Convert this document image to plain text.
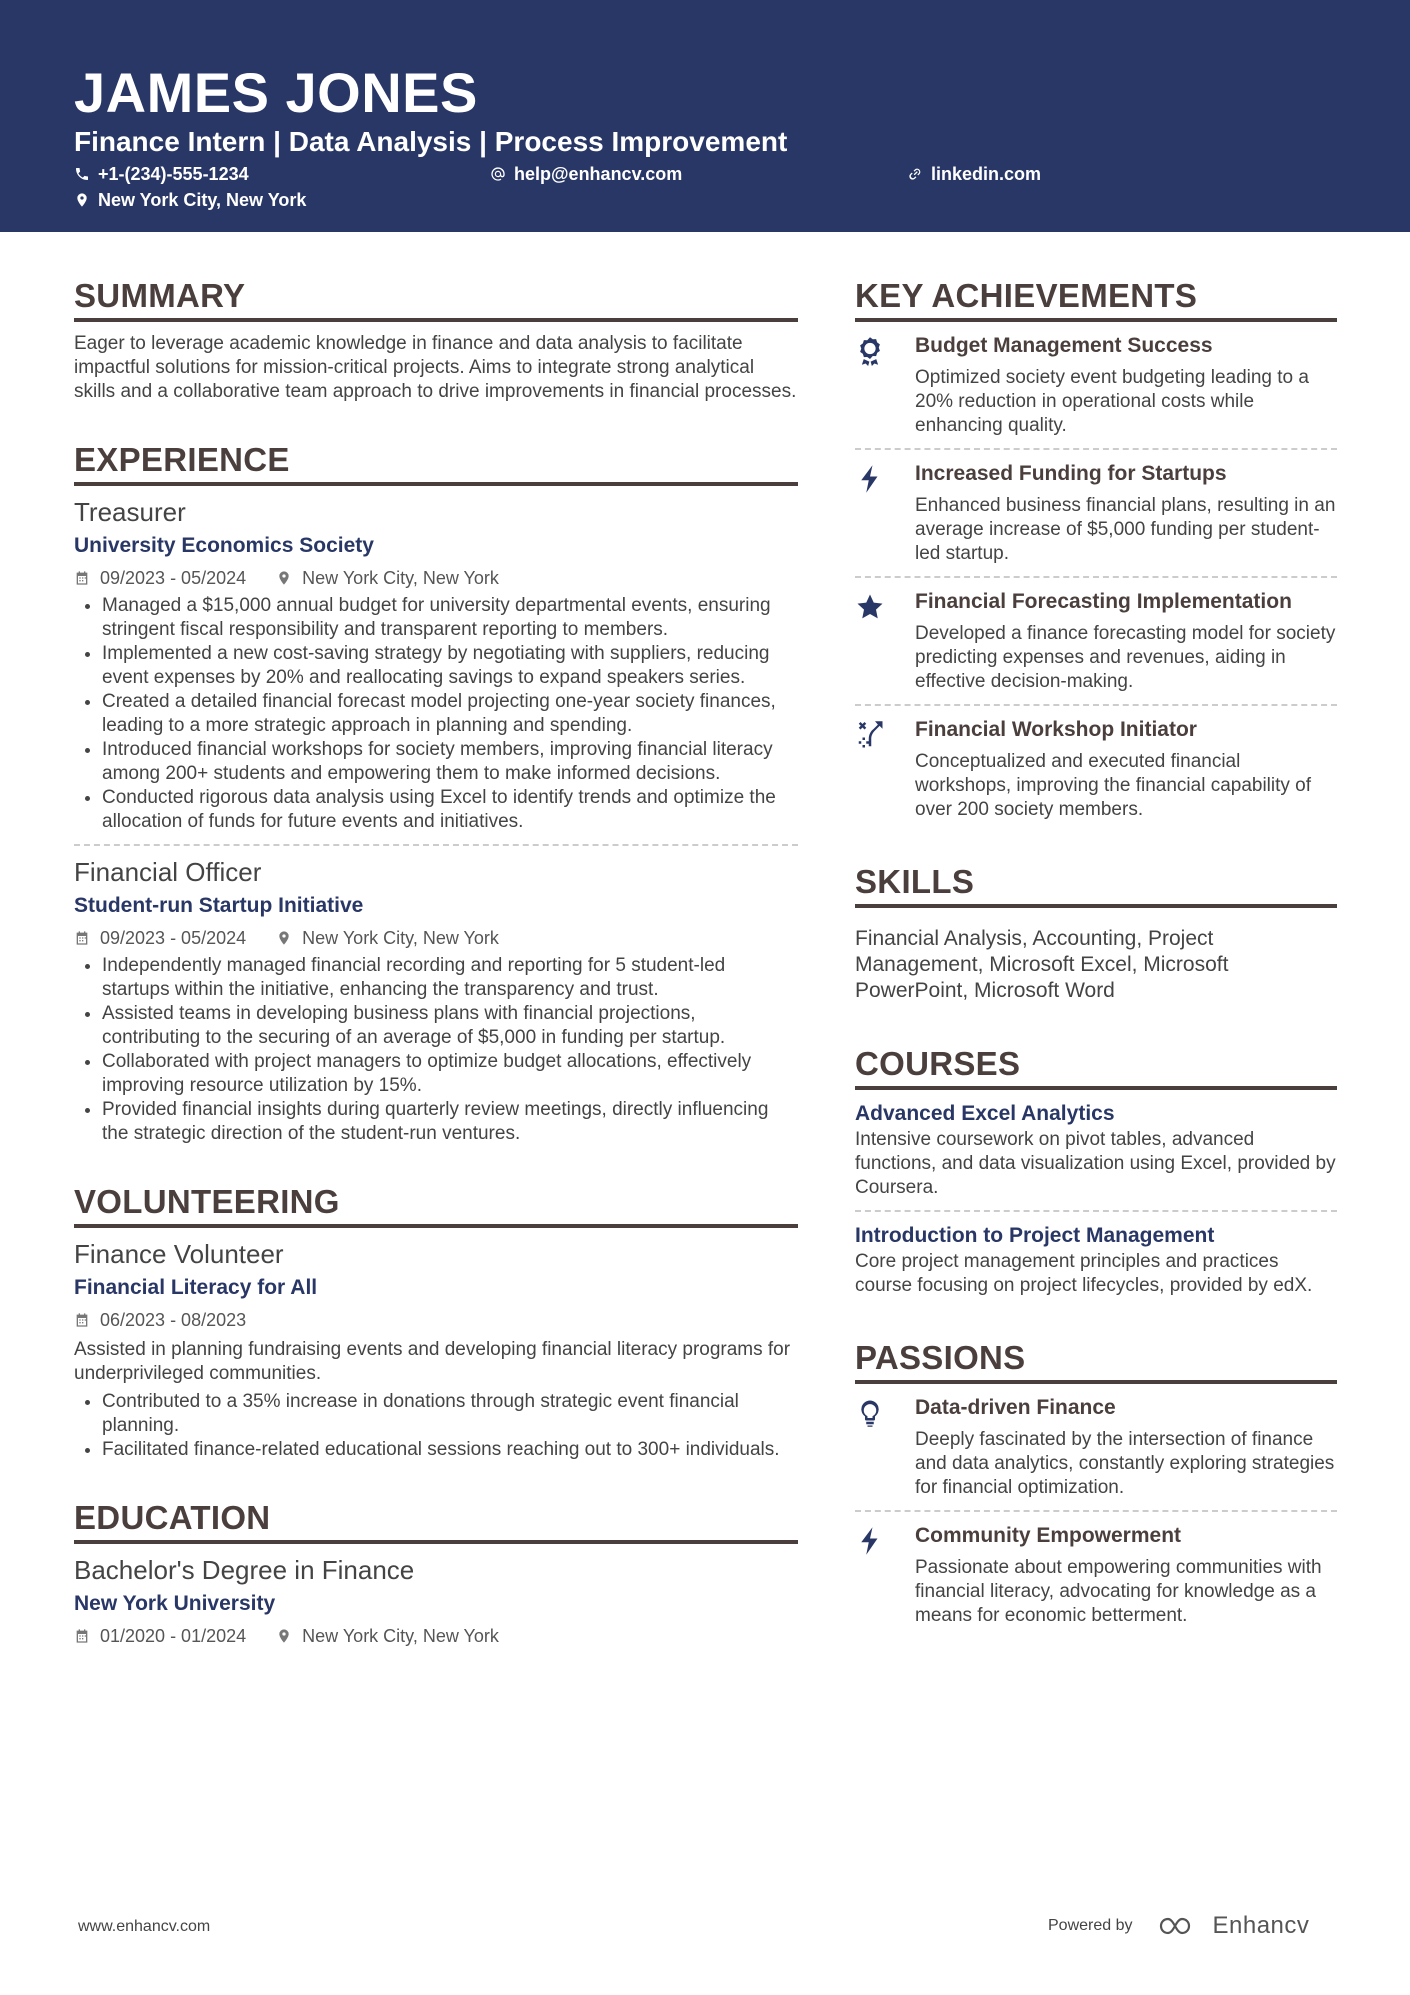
JAMES JONES
Finance Intern | Data Analysis | Process Improvement
+1-(234)-555-1234	help@enhancv.com	linkedin.com
New York City, New York
SUMMARY
Eager to leverage academic knowledge in finance and data analysis to facilitate impactful solutions for mission-critical projects. Aims to integrate strong analytical skills and a collaborative team approach to drive improvements in financial processes.
EXPERIENCE
Treasurer
University Economics Society
09/2023 - 05/2024	New York City, New York
• Managed a $15,000 annual budget for university departmental events, ensuring stringent fiscal responsibility and transparent reporting to members.
• Implemented a new cost-saving strategy by negotiating with suppliers, reducing event expenses by 20% and reallocating savings to expand speakers series.
• Created a detailed financial forecast model projecting one-year society finances, leading to a more strategic approach in planning and spending.
• Introduced financial workshops for society members, improving financial literacy among 200+ students and empowering them to make informed decisions.
• Conducted rigorous data analysis using Excel to identify trends and optimize the allocation of funds for future events and initiatives.
Financial Officer
Student-run Startup Initiative
09/2023 - 05/2024	New York City, New York
• Independently managed financial recording and reporting for 5 student-led startups within the initiative, enhancing the transparency and trust.
• Assisted teams in developing business plans with financial projections, contributing to the securing of an average of $5,000 in funding per startup.
• Collaborated with project managers to optimize budget allocations, effectively improving resource utilization by 15%.
• Provided financial insights during quarterly review meetings, directly influencing the strategic direction of the student-run ventures.
VOLUNTEERING
Finance Volunteer
Financial Literacy for All
06/2023 - 08/2023
Assisted in planning fundraising events and developing financial literacy programs for underprivileged communities.
• Contributed to a 35% increase in donations through strategic event financial planning.
• Facilitated finance-related educational sessions reaching out to 300+ individuals.
EDUCATION
Bachelor's Degree in Finance
New York University
01/2020 - 01/2024	New York City, New York
KEY ACHIEVEMENTS
Budget Management Success
Optimized society event budgeting leading to a 20% reduction in operational costs while enhancing quality.
Increased Funding for Startups
Enhanced business financial plans, resulting in an average increase of $5,000 funding per student-led startup.
Financial Forecasting Implementation
Developed a finance forecasting model for society predicting expenses and revenues, aiding in effective decision-making.
Financial Workshop Initiator
Conceptualized and executed financial workshops, improving the financial capability of over 200 society members.
SKILLS
Financial Analysis, Accounting, Project Management, Microsoft Excel, Microsoft PowerPoint, Microsoft Word
COURSES
Advanced Excel Analytics
Intensive coursework on pivot tables, advanced functions, and data visualization using Excel, provided by Coursera.
Introduction to Project Management
Core project management principles and practices course focusing on project lifecycles, provided by edX.
PASSIONS
Data-driven Finance
Deeply fascinated by the intersection of finance and data analytics, constantly exploring strategies for financial optimization.
Community Empowerment
Passionate about empowering communities with financial literacy, advocating for knowledge as a means for economic betterment.
www.enhancv.com	Powered by	Enhancv
